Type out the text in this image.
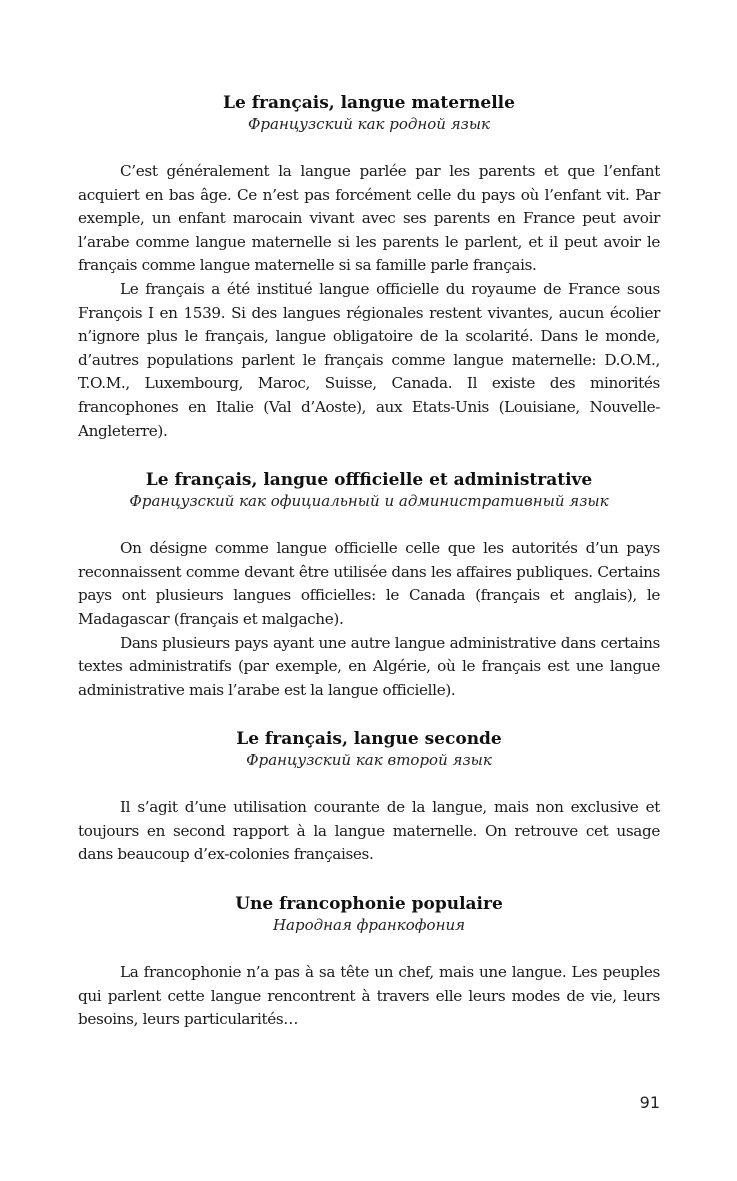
Le français, langue maternelle
Французский как родной язык

C’est généralement la langue parlée par les parents et que l’enfant acquiert en bas âge. Ce n’est pas forcément celle du pays où l’enfant vit. Par exemple, un enfant marocain vivant avec ses parents en France peut avoir l’arabe comme langue maternelle si les parents le parlent, et il peut avoir le français comme langue maternelle si sa famille parle français.

Le français a été institué langue officielle du royaume de France sous François I en 1539. Si des langues régionales restent vivantes, aucun écolier n’ignore plus le français, langue obligatoire de la scolarité. Dans le monde, d’autres populations parlent le français comme langue maternelle: D.O.M., T.O.M., Luxembourg, Maroc, Suisse, Canada. Il existe des minorités francophones en Italie (Val d’Aoste), aux Etats-Unis (Louisiane, Nouvelle-Angleterre).

Le français, langue offficielle et administrative
Французский как официальный и административный язык

On désigne comme langue officielle celle que les autorités d’un pays reconnaissent comme devant être utilisée dans les affaires publiques. Certains pays ont plusieurs langues officielles: le Canada (français et anglais), le Madagascar (français et malgache).

Dans plusieurs pays ayant une autre langue administrative dans certains textes administratifs (par exemple, en Algérie, où le français est une langue administrative mais l’arabe est la langue officielle).

Le français, langue seconde
Французский как второй язык

Il s’agit d’une utilisation courante de la langue, mais non exclusive et toujours en second rapport à la langue maternelle. On retrouve cet usage dans beaucoup d’ex-colonies françaises.

Une francophonie populaire
Народная франкофония

La francophonie n’a pas à sa tête un chef, mais une langue. Les peuples qui parlent cette langue rencontrent à travers elle leurs modes de vie, leurs besoins, leurs particularités…

91
